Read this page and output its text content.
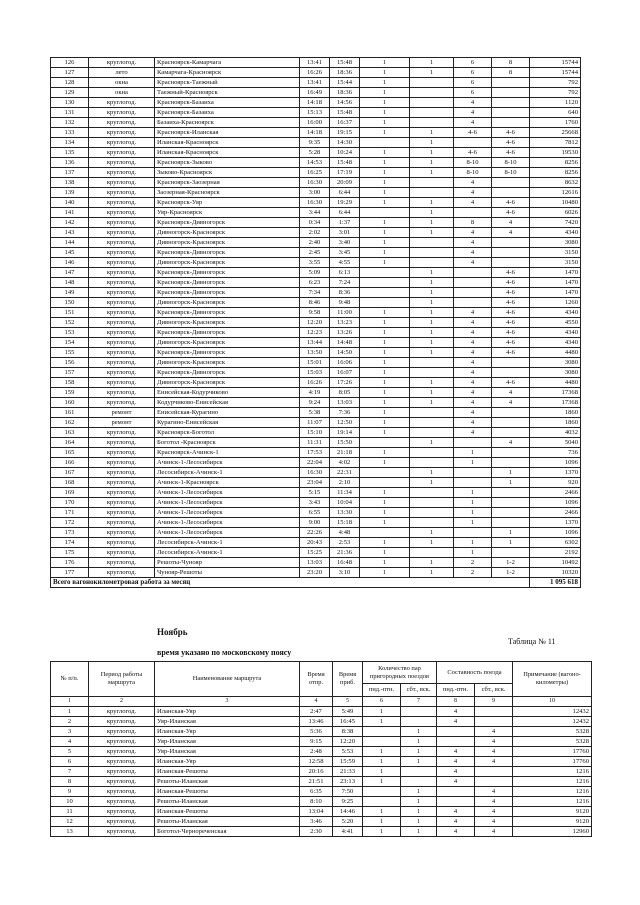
126	круглогод.	Красноярск-Камарчага	13:41	15:48	1	1	6	8	15744
127	лето	Камарчага-Красноярск	16:26	18:36	1	1	6	8	15744
128	окна	Красноярск-Таежный	13:41	15:44	1		6		792
129	окна	Таежный-Красноярск	16:49	18:36	1		6		792
130	круглогод.	Красноярск-Базаиха	14:18	14:56	1		4		1120
131	круглогод.	Красноярск-Базаиха	15:13	15:48	1		4		640
132	круглогод.	Базаиха-Красноярск	16:00	16:37	1		4		1760
133	круглогод.	Красноярск-Иланская	14:18	19:15	1	1	4-6	4-6	25668
134	круглогод.	Иланская-Красноярск	9:35	14:30		1		4-6	7812
135	круглогод.	Иланская-Красноярск	5:28	10:24	1	1	4-6	4-6	19530
136	круглогод.	Красноярск-Зыково	14:53	15:48	1	1	8-10	8-10	8256
137	круглогод.	Зыково-Красноярск	16:25	17:19	1	1	8-10	8-10	8256
138	круглогод.	Красноярск-Заозерная	16:30	20:09	1		4		8632
139	круглогод.	Заозерная-Красноярск	3:00	6:44	1		4		12616
140	круглогод.	Красноярск-Уяр	16:30	19:29	1	1	4	4-6	10480
141	круглогод.	Уяр-Красноярск	3:44	6:44		1		4-6	6026
142	круглогод.	Красноярск-Дивногорск	0:34	1:37	1	1	8	4	7420
143	круглогод.	Дивногорск-Красноярск	2:02	3:01	1	1	4	4	4340
144	круглогод.	Дивногорск-Красноярск	2:40	3:40	1		4		3080
145	круглогод.	Красноярск-Дивногорск	2:45	3:45	1		4		3150
146	круглогод.	Дивногорск-Красноярск	3:55	4:55	1		4		3150
147	круглогод.	Красноярск-Дивногорск	5:09	6:13		1		4-6	1470
148	круглогод.	Красноярск-Дивногорск	6:23	7:24		1		4-6	1470
149	круглогод.	Красноярск-Дивногорск	7:34	8:36		1		4-6	1470
150	круглогод.	Дивногорск-Красноярск	8:46	9:48		1		4-6	1260
151	круглогод.	Красноярск-Дивногорск	9:58	11:00	1	1	4	4-6	4340
152	круглогод.	Дивногорск-Красноярск	12:20	13:23	1	1	4	4-6	4550
153	круглогод.	Красноярск-Дивногорск	12:23	13:26	1	1	4	4-6	4340
154	круглогод.	Дивногорск-Красноярск	13:44	14:48	1	1	4	4-6	4340
155	круглогод.	Красноярск-Дивногорск	13:50	14:50	1	1	4	4-6	4480
156	круглогод.	Дивногорск-Красноярск	15:01	16:06	1		4		3080
157	круглогод.	Красноярск-Дивногорск	15:03	16:07	1		4		3080
158	круглогод.	Дивногорск-Красноярск	16:26	17:26	1	1	4	4-6	4480
159	круглогод.	Енисейская-Кодурчиково	4:19	8:05	1	1	4	4	17368
160	круглогод.	Кодурчиково-Енисейская	9:24	13:03	1	1	4	4	17368
161	ремонт	Енисейская-Курагино	5:38	7:36	1		4		1860
162	ремонт	Курагино-Енисейская	11:07	12:50	1		4		1860
163	круглогод.	Красноярск-Боготол	15:10	19:14	1		4		4032
164	круглогод.	Боготол -Красноярск	11:31	15:50		1		4	5040
165	круглогод.	Красноярск-Ачинск-1	17:53	21:18	1		1		736
166	круглогод.	Ачинск-1-Лесосибирск	22:04	4:02	1		1		1096
167	круглогод.	Лесосибирск-Ачинск-1	16:30	22:31		1		1	1370
168	круглогод.	Ачинск-1-Красноярск	23:04	2:10		1		1	920
169	круглогод.	Ачинск-1-Лесосибирск	5:15	11:34	1		1		2466
170	круглогод.	Ачинск-1-Лесосибирск	3:43	10:04	1		1		1096
171	круглогод.	Ачинск-1-Лесосибирск	6:55	13:30	1		1		2466
172	круглогод.	Ачинск-1-Лесосибирск	9:00	15:18	1		1		1370
173	круглогод.	Ачинск-1-Лесосибирск	22:26	4:48		1		1	1096
174	круглогод.	Лесосибирск-Ачинск-1	20:43	2:53	1	1	1	1	6302
175	круглогод.	Лесосибирск-Ачинск-1	15:25	21:36	1		1		2192
176	круглогод.	Решоты-Чунояр	13:03	16:48	1	1	2	1-2	10492
177	круглогод.	Чунояр-Решоты	23:20	3:10	1	1	2	1-2	10320
Всего вагонокилометровая работа за месяц									1 095 618
Ноябрь
Таблица № 11
время указано по московскому поясу
№ п/п.	Период работы маршрута	Наименование маршрута	Время отпр.	Время приб.	Количество пар пригородных поездов		Составность поезда		Примечание (вагоно-километры)
					пнд.-птн.	сбт., вск.	пнд.-птн.	сбт., вск.	
1	2	3	4	5	6	7	8	9	10
1	круглогод.	Иланская-Уяр	2:47	5:49	1		4		12432
2	круглогод.	Уяр-Иланская	13:46	16:45	1		4		12432
3	круглогод.	Иланская-Уяр	5:36	8:38		1		4	5328
4	круглогод.	Уяр-Иланская	9:15	12:20		1		4	5328
5	круглогод.	Уяр-Иланская	2:48	5:53	1	1	4	4	17760
6	круглогод.	Иланская-Уяр	12:58	15:59	1	1	4	4	17760
7	круглогод.	Иланская-Решоты	20:16	21:33	1		4		1216
8	круглогод.	Решоты-Иланская	21:51	23:13	1		4		1216
9	круглогод.	Иланская-Решоты	6:35	7:50		1		4	1216
10	круглогод.	Решоты-Иланская	8:10	9:25		1		4	1216
11	круглогод.	Иланская-Решоты	13:04	14:46	1	1	4	4	9120
12	круглогод.	Решоты-Иланская	3:46	5:20	1	1	4	4	9120
13	круглогод.	Боготол-Чернореченская	2:30	4:41	1	1	4	4	12960
